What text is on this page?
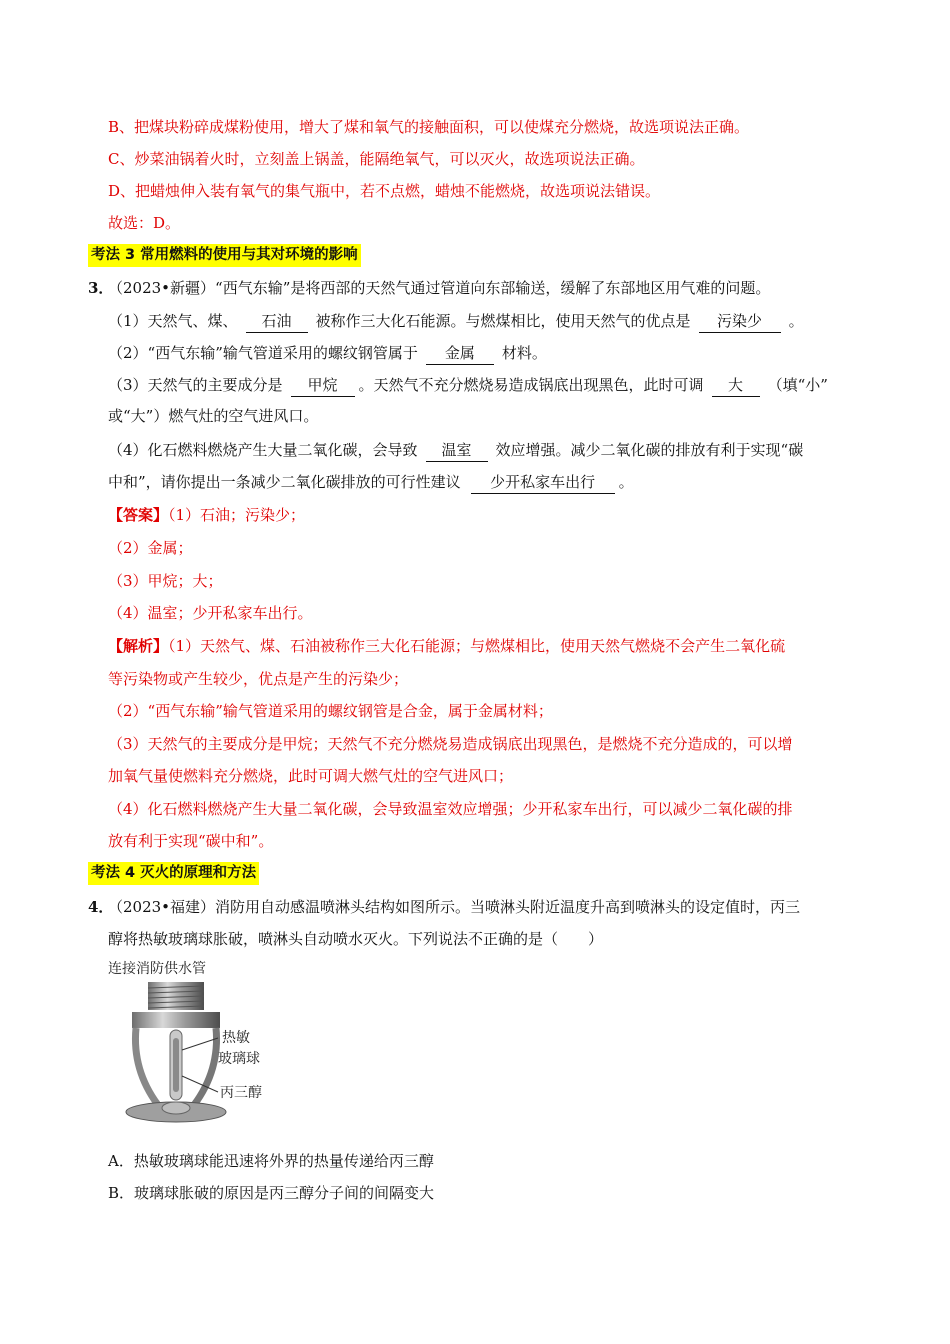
B、把煤块粉碎成煤粉使用，增大了煤和氧气的接触面积，可以使煤充分燃烧，故选项说法正确。
C、炒菜油锅着火时，立刻盖上锅盖，能隔绝氧气，可以灭火，故选项说法正确。
D、把蜡烛伸入装有氧气的集气瓶中，若不点燃，蜡烛不能燃烧，故选项说法错误。
故选：D。
考法 3 常用燃料的使用与其对环境的影响
3．
（2023•新疆）“西气东输”是将西部的天然气通过管道向东部输送，缓解了东部地区用气难的问题。
（1）天然气、煤、 石油 被称作三大化石能源。与燃煤相比，使用天然气的优点是 污染少 。
（2）“西气东输”输气管道采用的螺纹钢管属于 金属 材料。
（3）天然气的主要成分是 甲烷 。天然气不充分燃烧易造成锅底出现黑色，此时可调 大 （填“小”
或“大”）燃气灶的空气进风口。
（4）化石燃料燃烧产生大量二氧化碳，会导致 温室 效应增强。减少二氧化碳的排放有利于实现“碳
中和”，请你提出一条减少二氧化碳排放的可行性建议 少开私家车出行 。
【答案】（1）石油；污染少；
（2）金属；
（3）甲烷；大；
（4）温室；少开私家车出行。
【解析】（1）天然气、煤、石油被称作三大化石能源；与燃煤相比，使用天然气燃烧不会产生二氧化硫
等污染物或产生较少，优点是产生的污染少；
（2）“西气东输”输气管道采用的螺纹钢管是合金，属于金属材料；
（3）天然气的主要成分是甲烷；天然气不充分燃烧易造成锅底出现黑色，是燃烧不充分造成的，可以增
加氧气量使燃料充分燃烧，此时可调大燃气灶的空气进风口；
（4）化石燃料燃烧产生大量二氧化碳，会导致温室效应增强；少开私家车出行，可以减少二氧化碳的排
放有利于实现“碳中和”。
考法 4 灭火的原理和方法
4．
（2023•福建）消防用自动感温喷淋头结构如图所示。当喷淋头附近温度升高到喷淋头的设定值时，丙三
醇将热敏玻璃球胀破，喷淋头自动喷水灭火。下列说法不正确的是（　　）
连接消防供水管
热敏
玻璃球
丙三醇
A．热敏玻璃球能迅速将外界的热量传递给丙三醇
B．玻璃球胀破的原因是丙三醇分子间的间隔变大
